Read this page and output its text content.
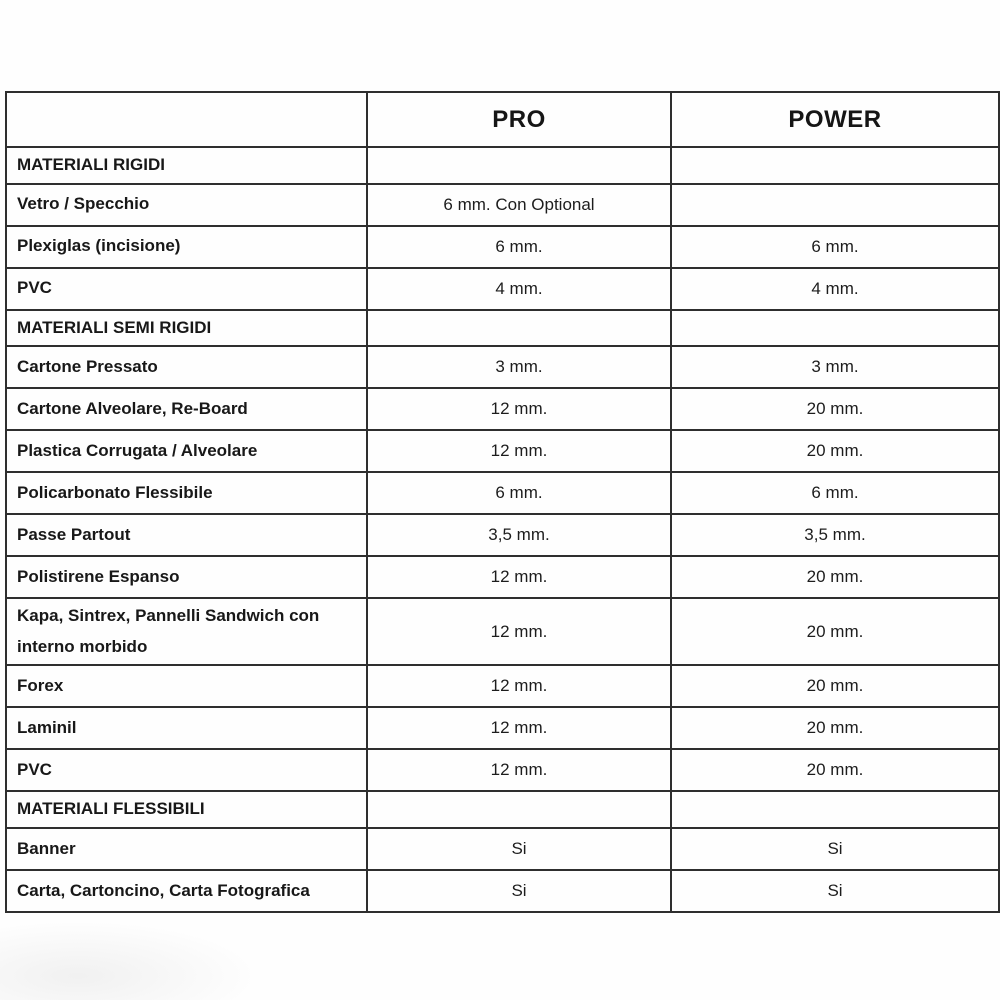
	PRO	POWER
MATERIALI RIGIDI		
Vetro / Specchio	6 mm. Con Optional	
Plexiglas (incisione)	6 mm.	6 mm.
PVC	4 mm.	4 mm.
MATERIALI SEMI RIGIDI		
Cartone Pressato	3 mm.	3 mm.
Cartone Alveolare, Re-Board	12 mm.	20 mm.
Plastica Corrugata / Alveolare	12 mm.	20 mm.
Policarbonato Flessibile	6 mm.	6 mm.
Passe Partout	3,5 mm.	3,5 mm.
Polistirene Espanso	12 mm.	20 mm.
Kapa, Sintrex, Pannelli Sandwich con interno morbido	12 mm.	20 mm.
Forex	12 mm.	20 mm.
Laminil	12 mm.	20 mm.
PVC	12 mm.	20 mm.
MATERIALI FLESSIBILI		
Banner	Si	Si
Carta, Cartoncino, Carta Fotografica	Si	Si
